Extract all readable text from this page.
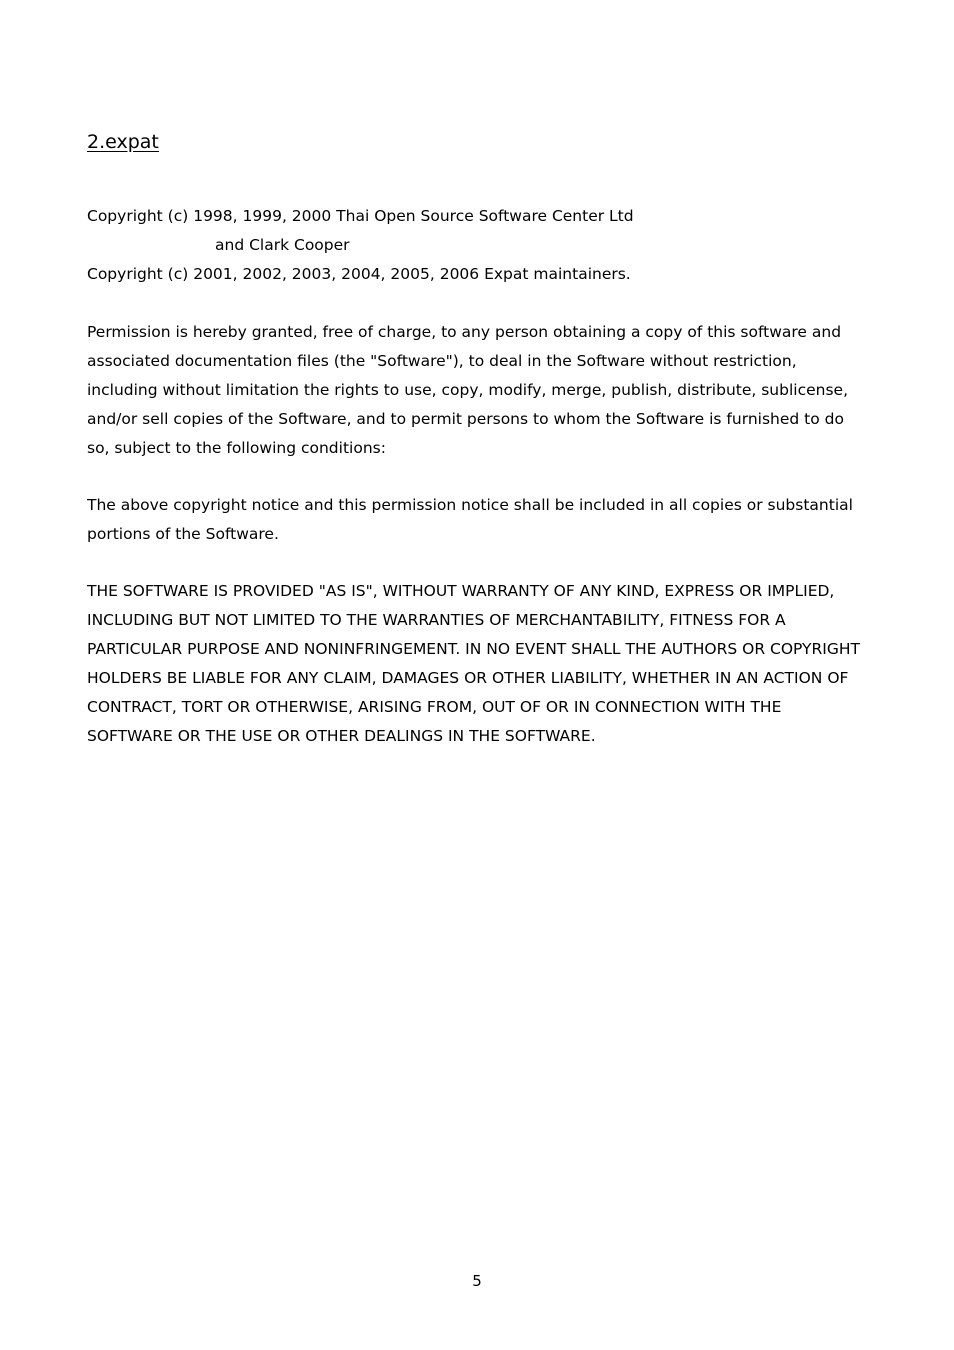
2.expat

Copyright (c) 1998, 1999, 2000 Thai Open Source Software Center Ltd
and Clark Cooper
Copyright (c) 2001, 2002, 2003, 2004, 2005, 2006 Expat maintainers.

Permission is hereby granted, free of charge, to any person obtaining a copy of this software and
associated documentation files (the "Software"), to deal in the Software without restriction,
including without limitation the rights to use, copy, modify, merge, publish, distribute, sublicense,
and/or sell copies of the Software, and to permit persons to whom the Software is furnished to do
so, subject to the following conditions:

The above copyright notice and this permission notice shall be included in all copies or substantial
portions of the Software.

THE SOFTWARE IS PROVIDED "AS IS", WITHOUT WARRANTY OF ANY KIND, EXPRESS OR IMPLIED,
INCLUDING BUT NOT LIMITED TO THE WARRANTIES OF MERCHANTABILITY, FITNESS FOR A
PARTICULAR PURPOSE AND NONINFRINGEMENT. IN NO EVENT SHALL THE AUTHORS OR COPYRIGHT
HOLDERS BE LIABLE FOR ANY CLAIM, DAMAGES OR OTHER LIABILITY, WHETHER IN AN ACTION OF
CONTRACT, TORT OR OTHERWISE, ARISING FROM, OUT OF OR IN CONNECTION WITH THE
SOFTWARE OR THE USE OR OTHER DEALINGS IN THE SOFTWARE.

5
